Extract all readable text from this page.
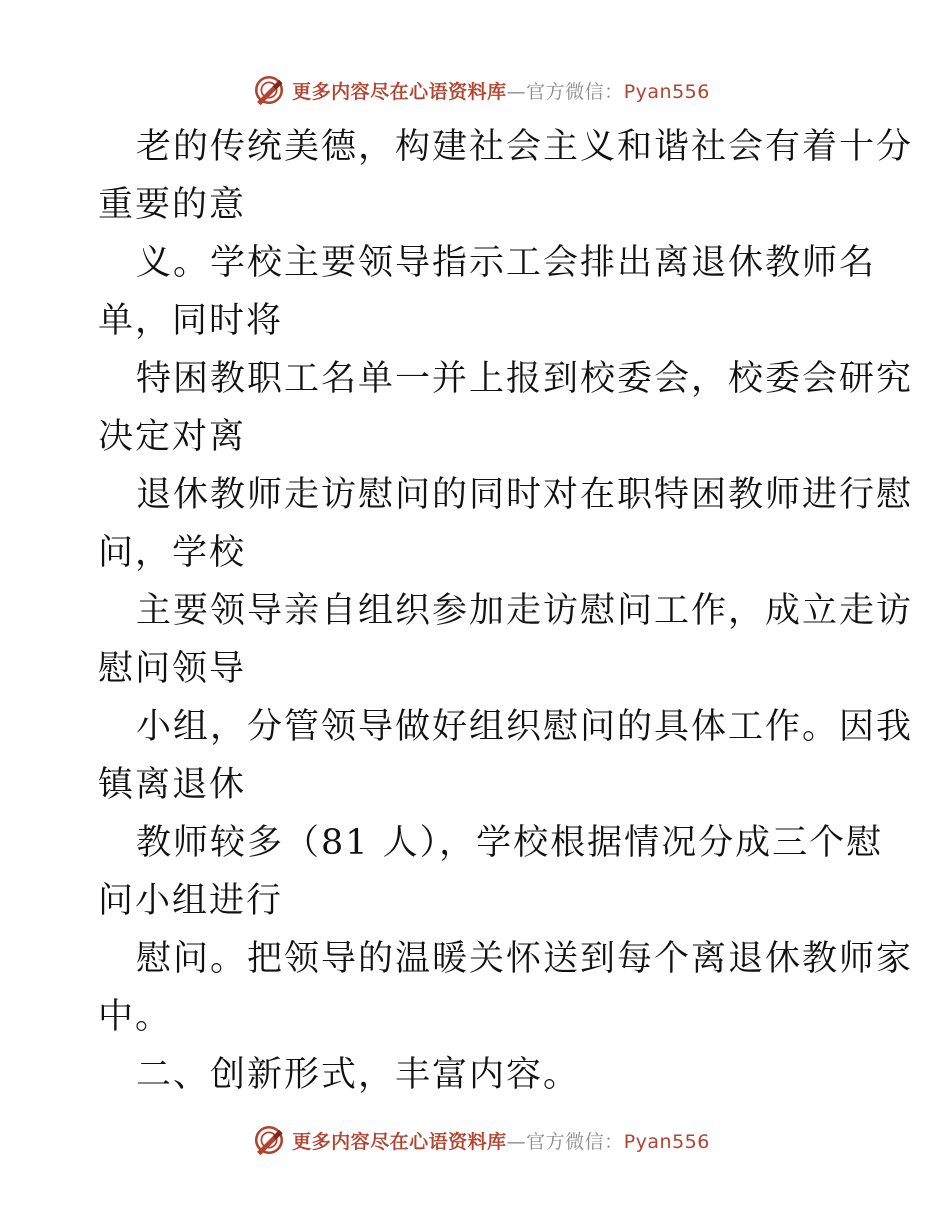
更多内容尽在心语资料库—官方微信：Pyan556
老的传统美德，构建社会主义和谐社会有着十分
重要的意
义。学校主要领导指示工会排出离退休教师名
单，同时将
特困教职工名单一并上报到校委会，校委会研究
决定对离
退休教师走访慰问的同时对在职特困教师进行慰
问，学校
主要领导亲自组织参加走访慰问工作，成立走访
慰问领导
小组，分管领导做好组织慰问的具体工作。因我
镇离退休
教师较多（81 人），学校根据情况分成三个慰
问小组进行
慰问。把领导的温暖关怀送到每个离退休教师家
中。
二、创新形式，丰富内容。
更多内容尽在心语资料库—官方微信：Pyan556
